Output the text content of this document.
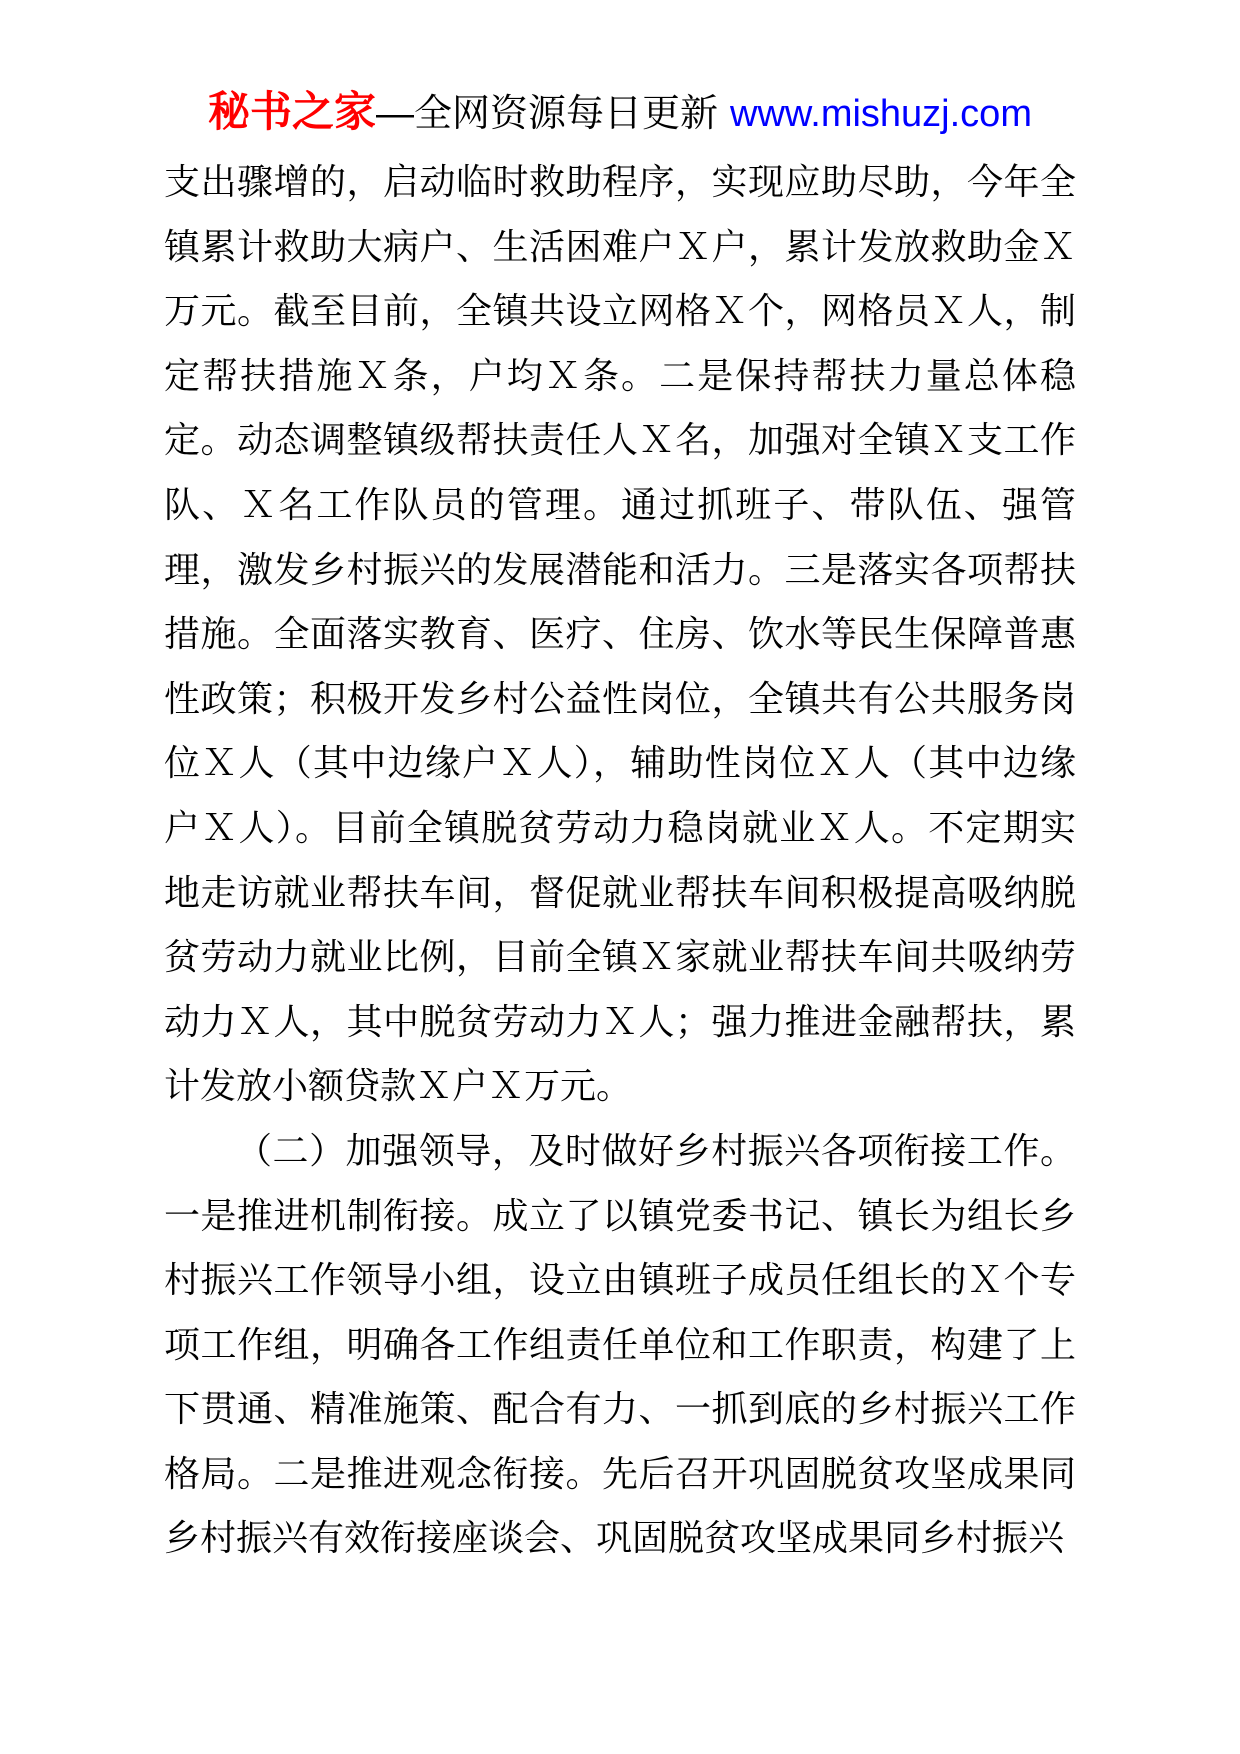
秘书之家—全网资源每日更新 www.mishuzj.com

支出骤增的，启动临时救助程序，实现应助尽助，今年全镇累计救助大病户、生活困难户Ｘ户，累计发放救助金Ｘ万元。截至目前，全镇共设立网格Ｘ个，网格员Ｘ人，制定帮扶措施Ｘ条，户均Ｘ条。二是保持帮扶力量总体稳定。动态调整镇级帮扶责任人Ｘ名，加强对全镇Ｘ支工作队、Ｘ名工作队员的管理。通过抓班子、带队伍、强管理，激发乡村振兴的发展潜能和活力。三是落实各项帮扶措施。全面落实教育、医疗、住房、饮水等民生保障普惠性政策；积极开发乡村公益性岗位，全镇共有公共服务岗位Ｘ人（其中边缘户Ｘ人），辅助性岗位Ｘ人（其中边缘户Ｘ人）。目前全镇脱贫劳动力稳岗就业Ｘ人。不定期实地走访就业帮扶车间，督促就业帮扶车间积极提高吸纳脱贫劳动力就业比例，目前全镇Ｘ家就业帮扶车间共吸纳劳动力Ｘ人，其中脱贫劳动力Ｘ人；强力推进金融帮扶，累计发放小额贷款Ｘ户Ｘ万元。

（二）加强领导，及时做好乡村振兴各项衔接工作。一是推进机制衔接。成立了以镇党委书记、镇长为组长乡村振兴工作领导小组，设立由镇班子成员任组长的Ｘ个专项工作组，明确各工作组责任单位和工作职责，构建了上下贯通、精准施策、配合有力、一抓到底的乡村振兴工作格局。二是推进观念衔接。先后召开巩固脱贫攻坚成果同乡村振兴有效衔接座谈会、巩固脱贫攻坚成果同乡村振兴
